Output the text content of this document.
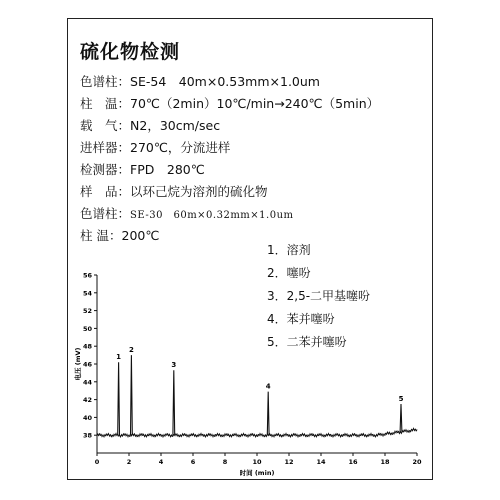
硫化物检测
色谱柱：SE-54　40m×0.53mm×1.0um
柱　温：70℃（2min）10℃/min→240℃（5min）
载　气：N2，30cm/sec
进样器：270℃，分流进样
检测器：FPD　280℃
样　品：以环己烷为溶剂的硫化物
色谱柱：SE-30　60m×0.32mm×1.0um
柱 温：200℃
1．溶剂
2．噻吩
3．2,5-二甲基噻吩
4．苯并噻吩
5．二苯并噻吩
38
40
42
44
46
48
50
52
54
56
0	2	4	6	8	10	12	14	16	18	20
时间 (min)
电压 (mV)	1
2
3
4
5
